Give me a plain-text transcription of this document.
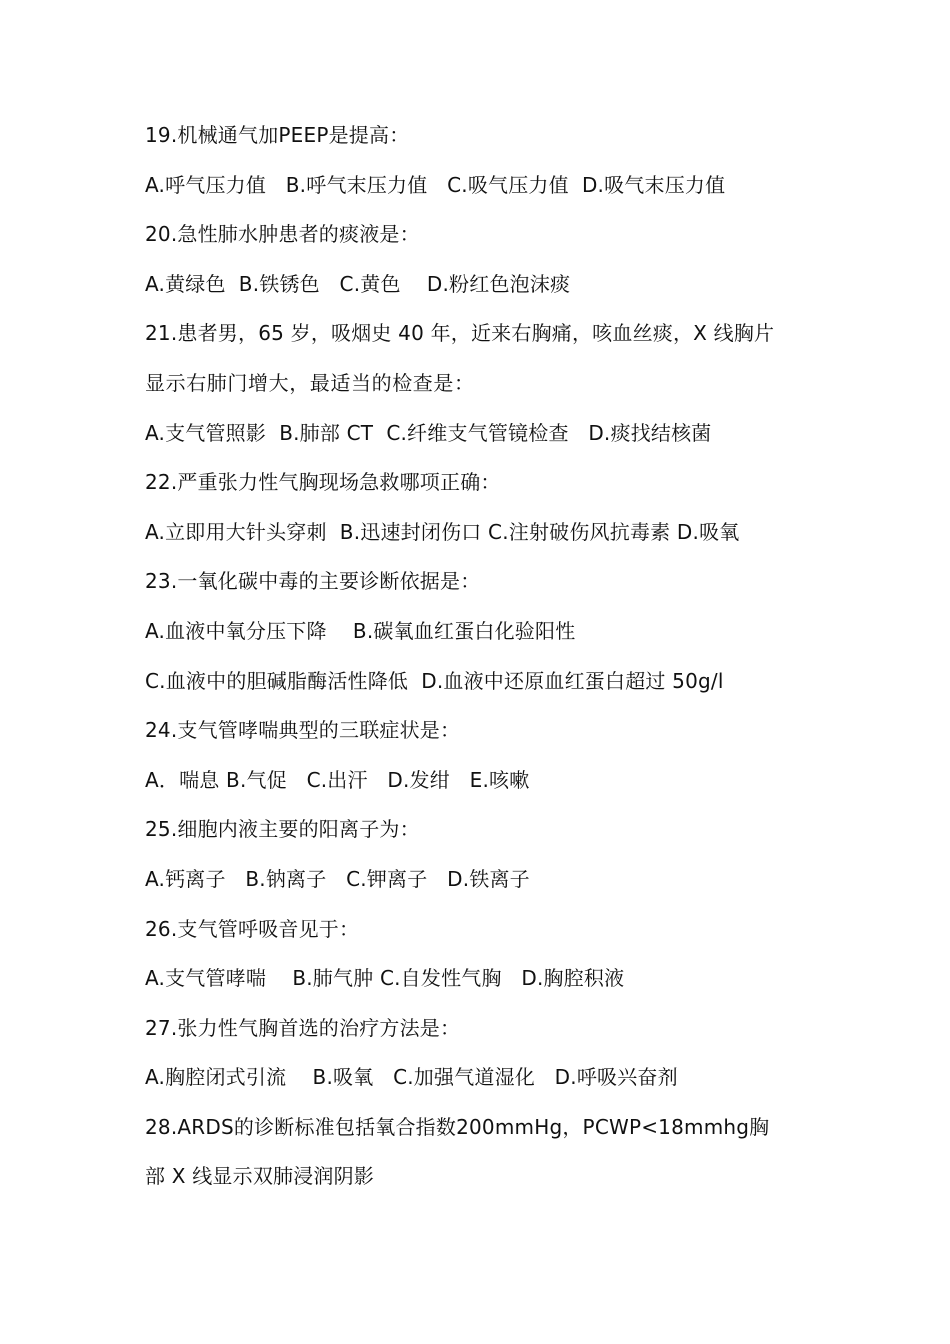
19.机械通气加PEEP是提高：
A.呼气压力值   B.呼气末压力值   C.吸气压力值  D.吸气末压力值
20.急性肺水肿患者的痰液是：
A.黄绿色  B.铁锈色   C.黄色    D.粉红色泡沫痰
21.患者男，65 岁，吸烟史 40 年，近来右胸痛，咳血丝痰，X 线胸片
显示右肺门增大，最适当的检查是：
A.支气管照影  B.肺部 CT  C.纤维支气管镜检查   D.痰找结核菌
22.严重张力性气胸现场急救哪项正确：
A.立即用大针头穿刺  B.迅速封闭伤口 C.注射破伤风抗毒素 D.吸氧
23.一氧化碳中毒的主要诊断依据是：
A.血液中氧分压下降    B.碳氧血红蛋白化验阳性
C.血液中的胆碱脂酶活性降低  D.血液中还原血红蛋白超过 50g/l
24.支气管哮喘典型的三联症状是：
A．喘息 B.气促   C.出汗   D.发绀   E.咳嗽
25.细胞内液主要的阳离子为：
A.钙离子   B.钠离子   C.钾离子   D.铁离子
26.支气管呼吸音见于：
A.支气管哮喘    B.肺气肿 C.自发性气胸   D.胸腔积液
27.张力性气胸首选的治疗方法是：
A.胸腔闭式引流    B.吸氧   C.加强气道湿化   D.呼吸兴奋剂
28.ARDS的诊断标准包括氧合指数200mmHg，PCWP<18mmhg胸
部 X 线显示双肺浸润阴影
